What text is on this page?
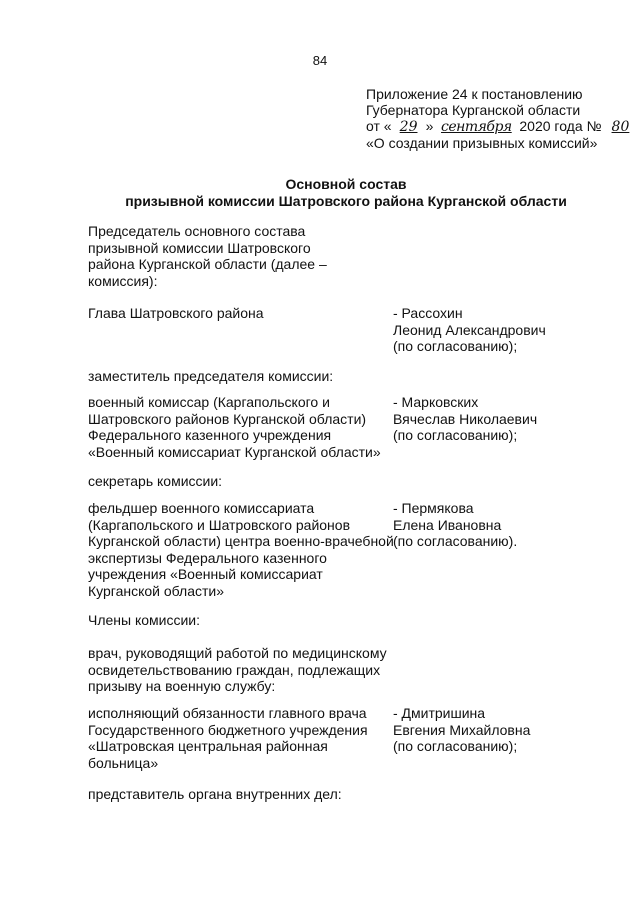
84
Приложение 24 к постановлению
Губернатора Курганской области
от « 29 » сентября 2020 года № 80
«О создании призывных комиссий»
Основной состав
призывной комиссии Шатровского района Курганской области
Председатель основного состава
призывной комиссии Шатровского
района Курганской области (далее –
комиссия):
Глава Шатровского района	- Рассохин
Леонид Александрович
(по согласованию);
заместитель председателя комиссии:
военный комиссар (Каргапольского и
Шатровского районов Курганской области)
Федерального казенного учреждения
«Военный комиссариат Курганской области»
- Марковских
Вячеслав Николаевич
(по согласованию);
секретарь комиссии:
фельдшер военного комиссариата
(Каргапольского и Шатровского районов
Курганской области) центра военно-врачебной
экспертизы Федерального казенного
учреждения «Военный комиссариат
Курганской области»
- Пермякова
Елена Ивановна
(по согласованию).
Члены комиссии:
врач, руководящий работой по медицинскому
освидетельствованию граждан, подлежащих
призыву на военную службу:
исполняющий обязанности главного врача
Государственного бюджетного учреждения
«Шатровская центральная районная
больница»
- Дмитришина
Евгения Михайловна
(по согласованию);
представитель органа внутренних дел:
